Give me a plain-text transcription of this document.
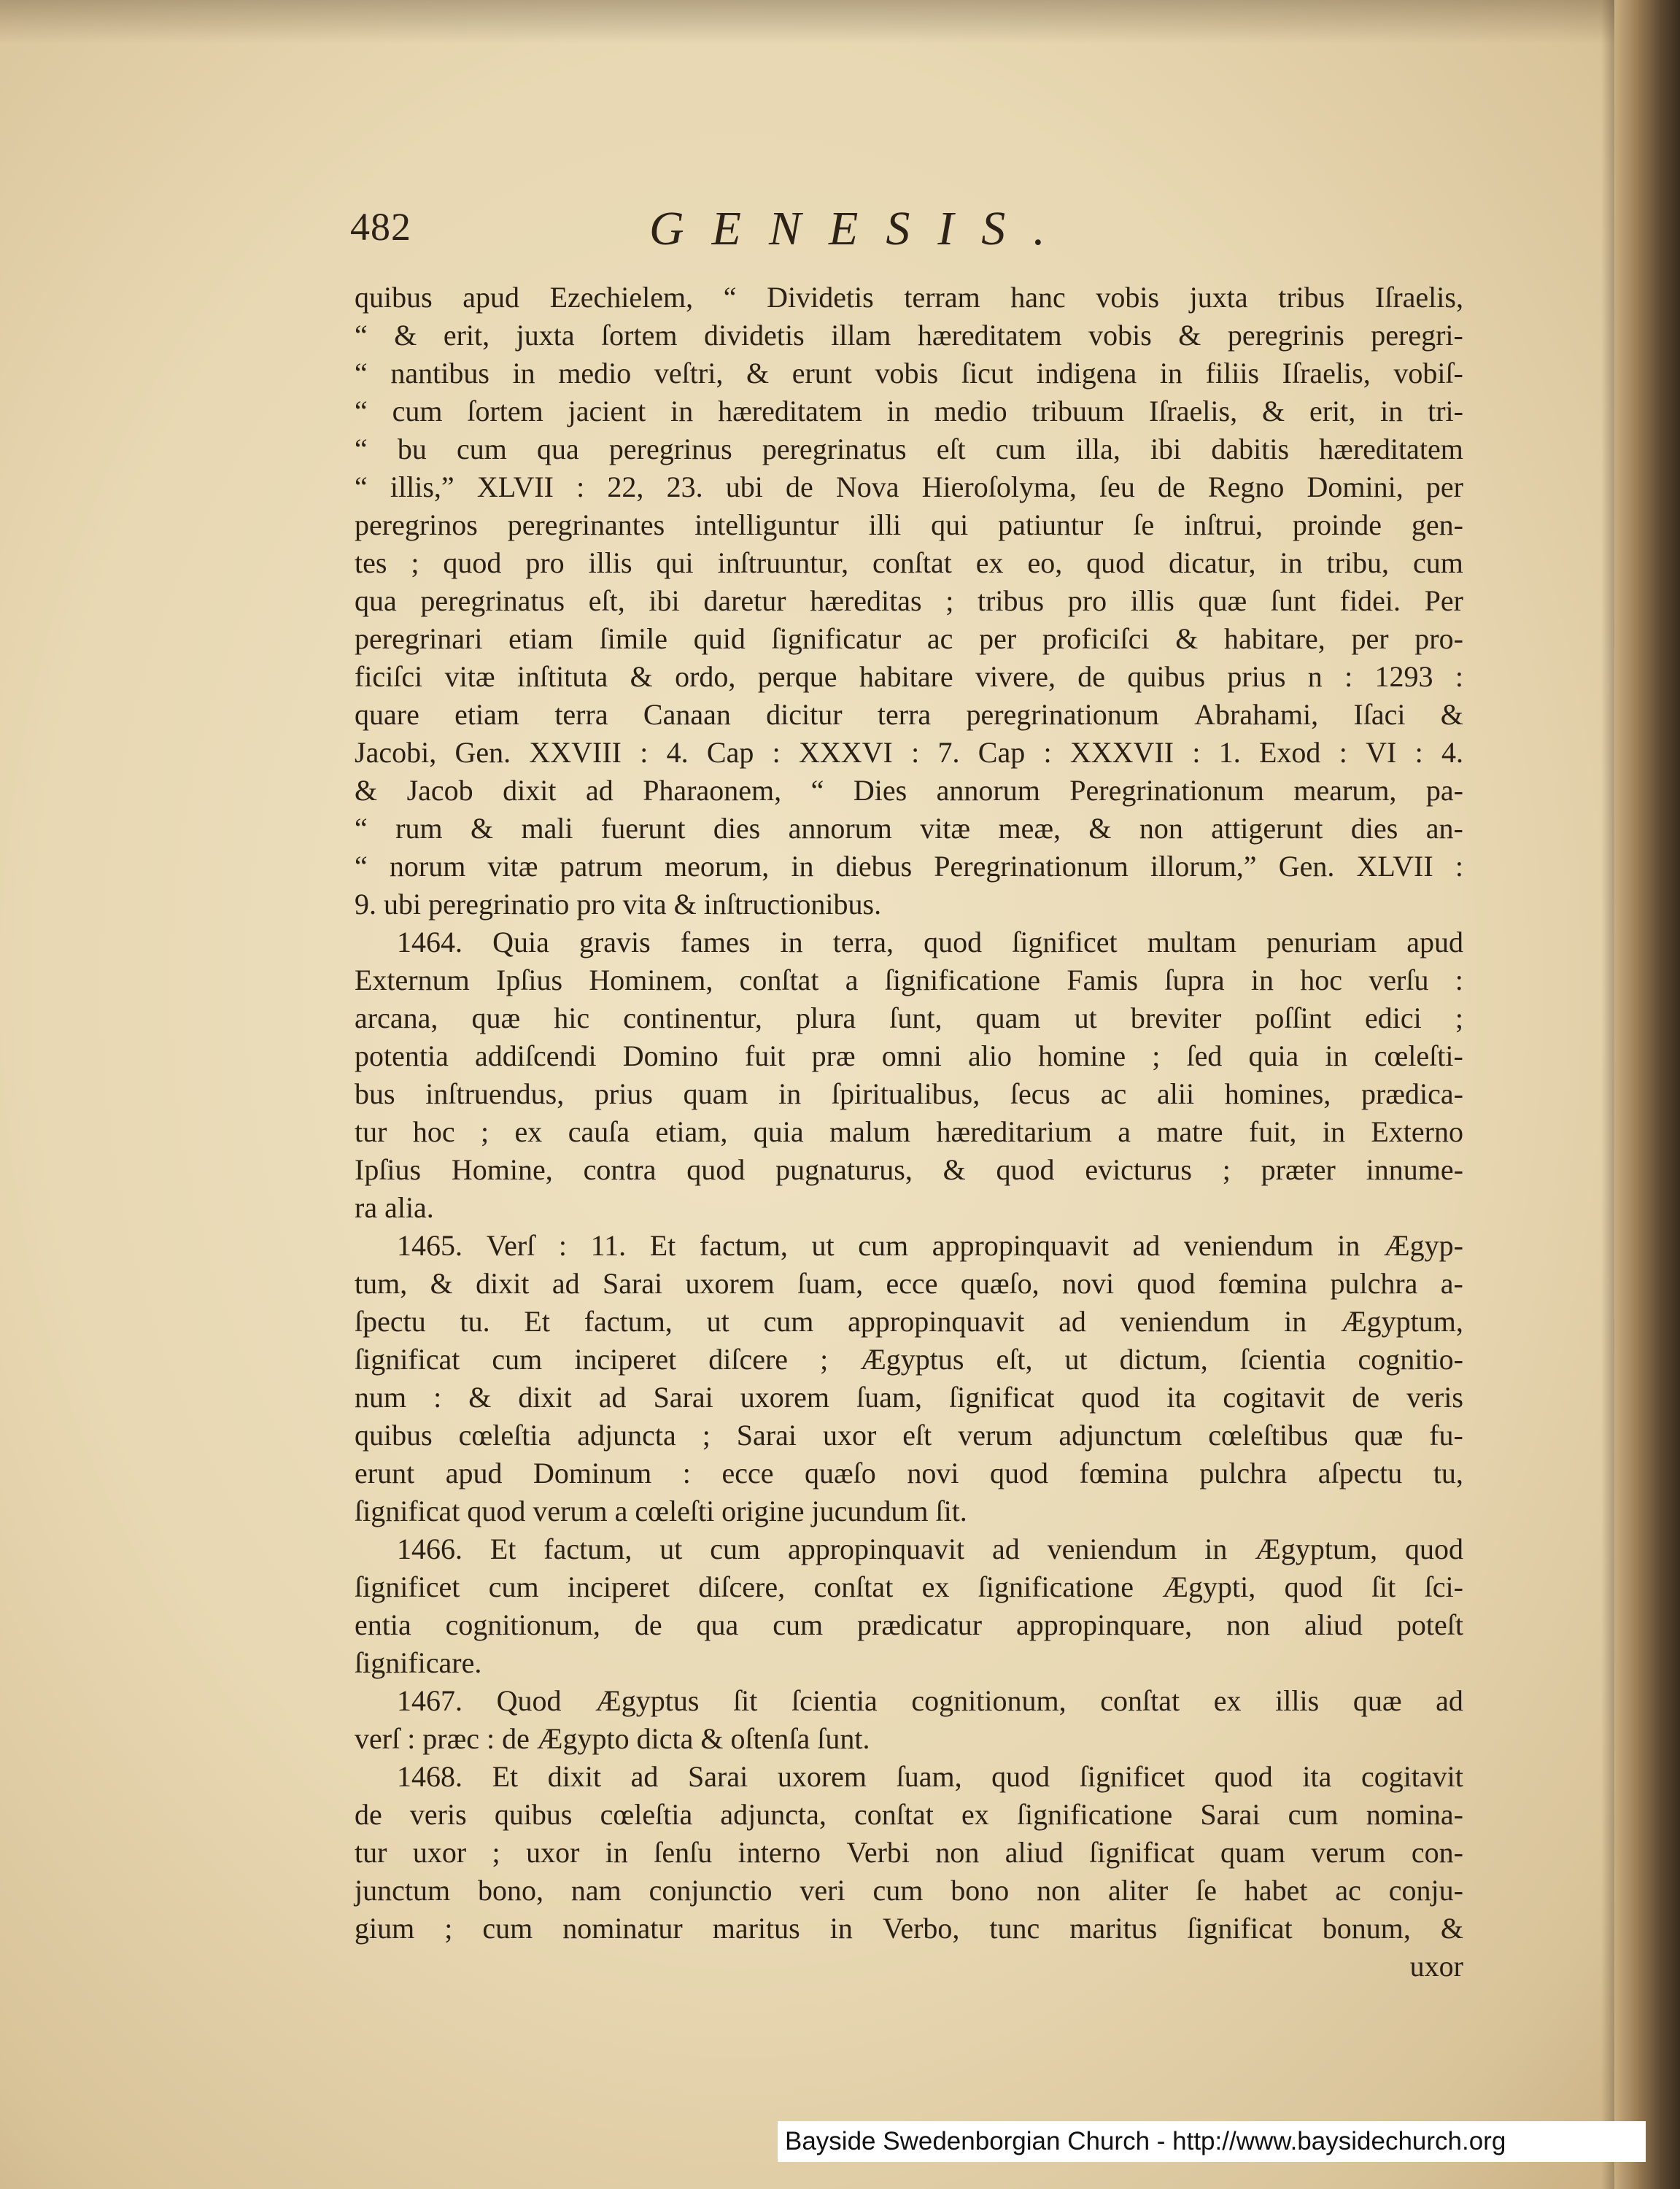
482	GENESIS.
quibus apud Ezechielem, “ Dividetis terram hanc vobis juxta tribus Iſraelis,
“ & erit, juxta ſortem dividetis illam hæreditatem vobis & peregrinis peregri-
“ nantibus in medio veſtri, & erunt vobis ſicut indigena in filiis Iſraelis, vobiſ-
“ cum ſortem jacient in hæreditatem in medio tribuum Iſraelis, & erit, in tri-
“ bu cum qua peregrinus peregrinatus eſt cum illa, ibi dabitis hæreditatem
“ illis,” XLVII : 22, 23. ubi de Nova Hieroſolyma, ſeu de Regno Domini, per
peregrinos peregrinantes intelliguntur illi qui patiuntur ſe inſtrui, proinde gen-
tes ; quod pro illis qui inſtruuntur, conſtat ex eo, quod dicatur, in tribu, cum
qua peregrinatus eſt, ibi daretur hæreditas ; tribus pro illis quæ ſunt fidei. Per
peregrinari etiam ſimile quid ſignificatur ac per proficiſci & habitare, per pro-
ficiſci vitæ inſtituta & ordo, perque habitare vivere, de quibus prius n : 1293 :
quare etiam terra Canaan dicitur terra peregrinationum Abrahami, Iſaci &
Jacobi, Gen. XXVIII : 4. Cap : XXXVI : 7. Cap : XXXVII : 1. Exod : VI : 4.
& Jacob dixit ad Pharaonem, “ Dies annorum Peregrinationum mearum, pa-
“ rum & mali fuerunt dies annorum vitæ meæ, & non attigerunt dies an-
“ norum vitæ patrum meorum, in diebus Peregrinationum illorum,” Gen. XLVII :
9. ubi peregrinatio pro vita & inſtructionibus.
1464. Quia gravis fames in terra, quod ſignificet multam penuriam apud
Externum Ipſius Hominem, conſtat a ſignificatione Famis ſupra in hoc verſu :
arcana, quæ hic continentur, plura ſunt, quam ut breviter poſſint edici ;
potentia addiſcendi Domino fuit præ omni alio homine ; ſed quia in cœleſti-
bus inſtruendus, prius quam in ſpiritualibus, ſecus ac alii homines, prædica-
tur hoc ; ex cauſa etiam, quia malum hæreditarium a matre fuit, in Externo
Ipſius Homine, contra quod pugnaturus, & quod evicturus ; præter innume-
ra alia.
1465. Verſ : 11. Et factum, ut cum appropinquavit ad veniendum in Ægyp-
tum, & dixit ad Sarai uxorem ſuam, ecce quæſo, novi quod fœmina pulchra a-
ſpectu tu. Et factum, ut cum appropinquavit ad veniendum in Ægyptum,
ſignificat cum inciperet diſcere ; Ægyptus eſt, ut dictum, ſcientia cognitio-
num : & dixit ad Sarai uxorem ſuam, ſignificat quod ita cogitavit de veris
quibus cœleſtia adjuncta ; Sarai uxor eſt verum adjunctum cœleſtibus quæ fu-
erunt apud Dominum : ecce quæſo novi quod fœmina pulchra aſpectu tu,
ſignificat quod verum a cœleſti origine jucundum ſit.
1466. Et factum, ut cum appropinquavit ad veniendum in Ægyptum, quod
ſignificet cum inciperet diſcere, conſtat ex ſignificatione Ægypti, quod ſit ſci-
entia cognitionum, de qua cum prædicatur appropinquare, non aliud poteſt
ſignificare.
1467. Quod Ægyptus ſit ſcientia cognitionum, conſtat ex illis quæ ad
verſ : præc : de Ægypto dicta & oſtenſa ſunt.
1468. Et dixit ad Sarai uxorem ſuam, quod ſignificet quod ita cogitavit
de veris quibus cœleſtia adjuncta, conſtat ex ſignificatione Sarai cum nomina-
tur uxor ; uxor in ſenſu interno Verbi non aliud ſignificat quam verum con-
junctum bono, nam conjunctio veri cum bono non aliter ſe habet ac conju-
gium ; cum nominatur maritus in Verbo, tunc maritus ſignificat bonum, &
uxor
Bayside Swedenborgian Church - http://www.baysidechurch.org
